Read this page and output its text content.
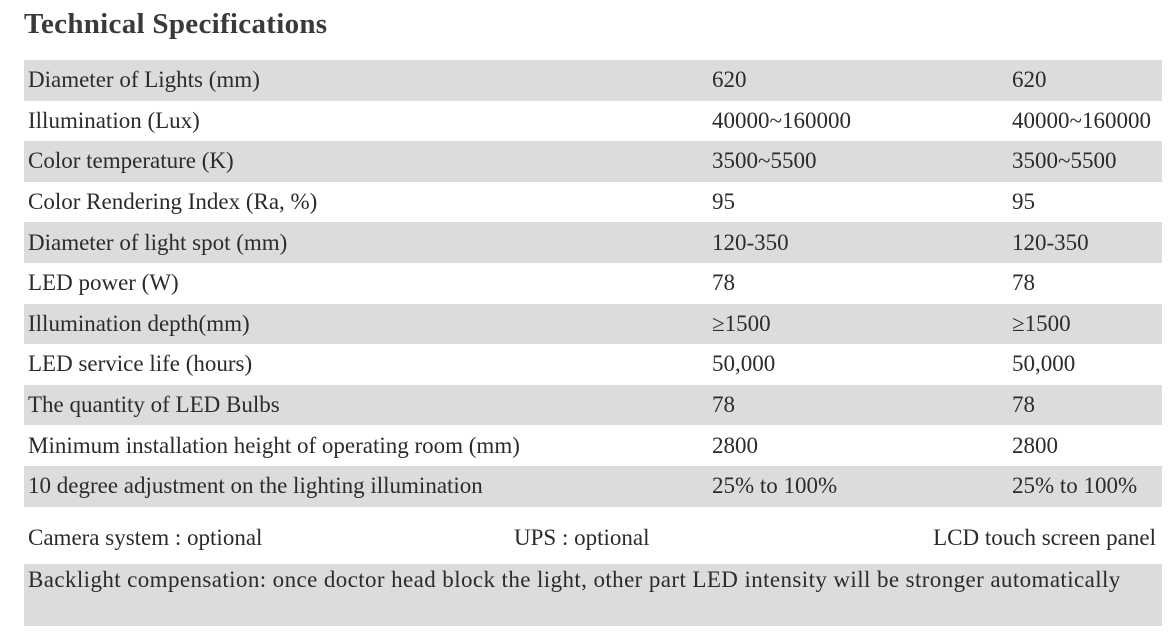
Technical Specifications
Diameter of Lights (mm)	620	620
Illumination (Lux)	40000~160000	40000~160000
Color temperature (K)	3500~5500	3500~5500
Color Rendering Index (Ra, %)	95	95
Diameter of light spot (mm)	120-350	120-350
LED power (W)	78	78
Illumination depth(mm)	≥1500	≥1500
LED service life (hours)	50,000	50,000
The quantity of LED Bulbs	78	78
Minimum installation height of operating room (mm)	2800	2800
10 degree adjustment on the lighting illumination	25% to 100%	25% to 100%
Camera system : optional	UPS : optional	LCD touch screen panel
Backlight compensation: once doctor head block the light, other part LED intensity will be stronger automatically
